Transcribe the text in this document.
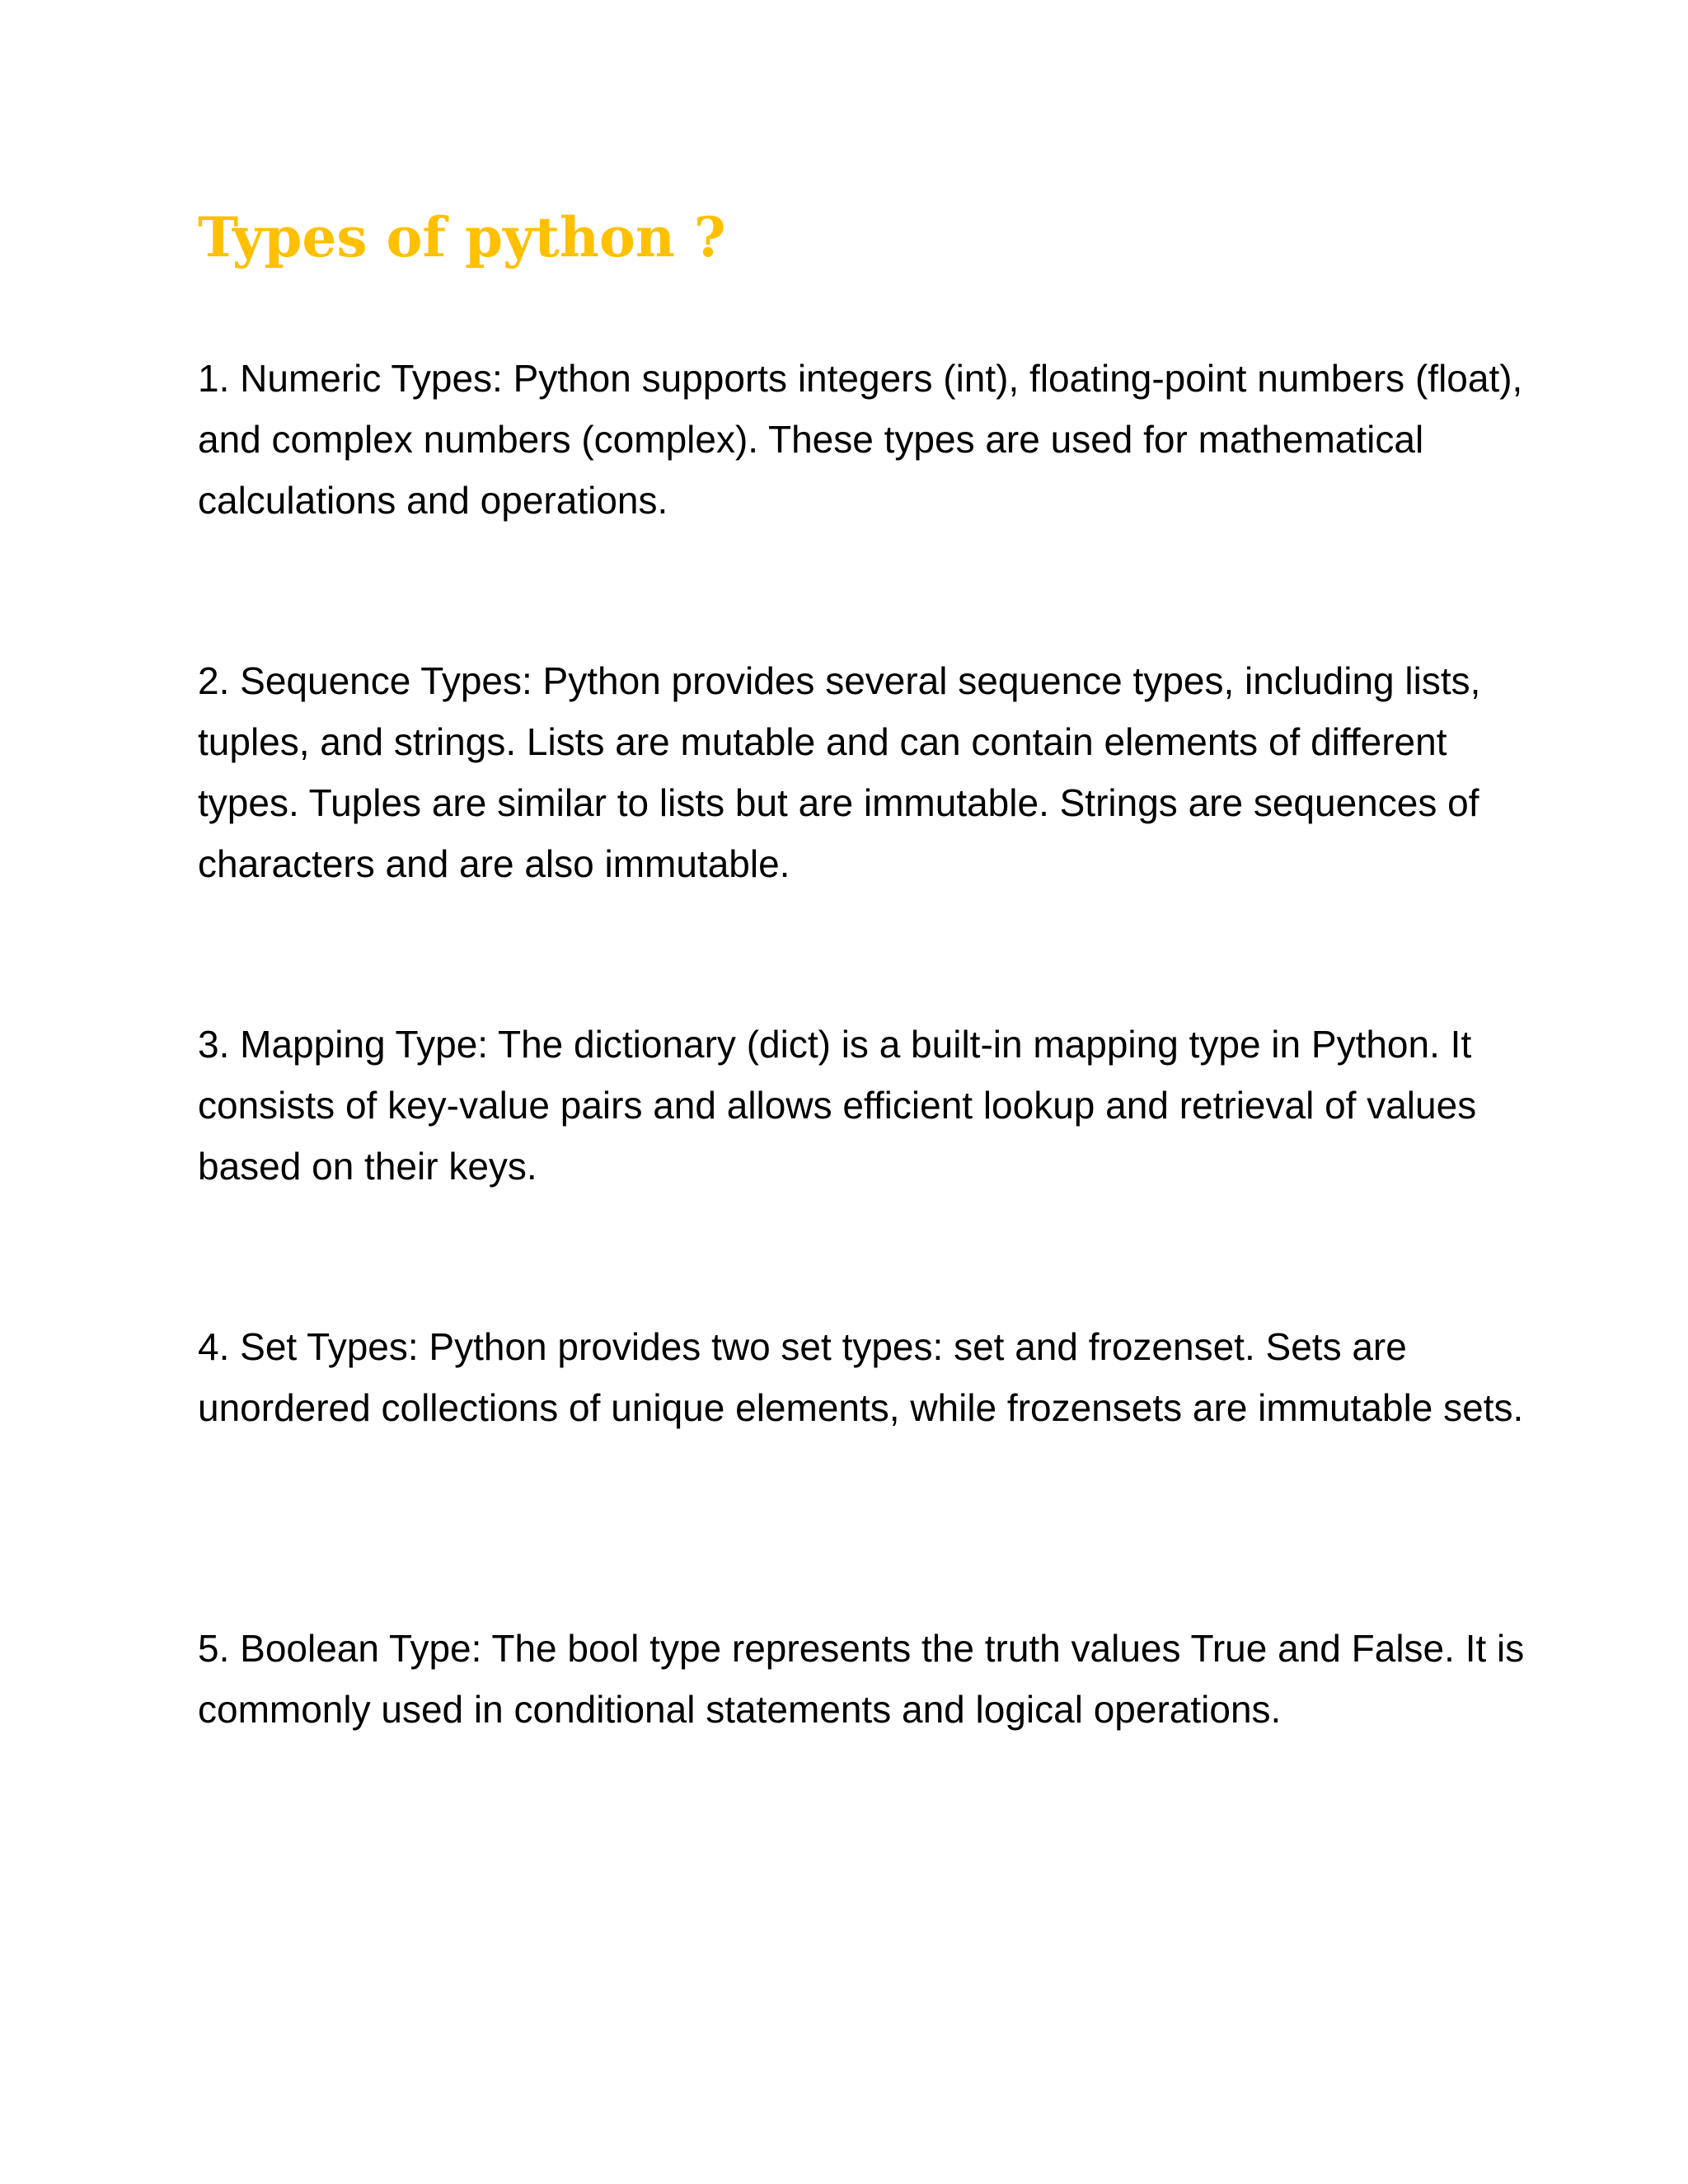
Types of python ?

1. Numeric Types: Python supports integers (int), floating-point numbers (float), and complex numbers (complex). These types are used for mathematical calculations and operations.

2. Sequence Types: Python provides several sequence types, including lists, tuples, and strings. Lists are mutable and can contain elements of different types. Tuples are similar to lists but are immutable. Strings are sequences of characters and are also immutable.

3. Mapping Type: The dictionary (dict) is a built-in mapping type in Python. It consists of key-value pairs and allows efficient lookup and retrieval of values based on their keys.

4. Set Types: Python provides two set types: set and frozenset. Sets are unordered collections of unique elements, while frozensets are immutable sets.

5. Boolean Type: The bool type represents the truth values True and False. It is commonly used in conditional statements and logical operations.
